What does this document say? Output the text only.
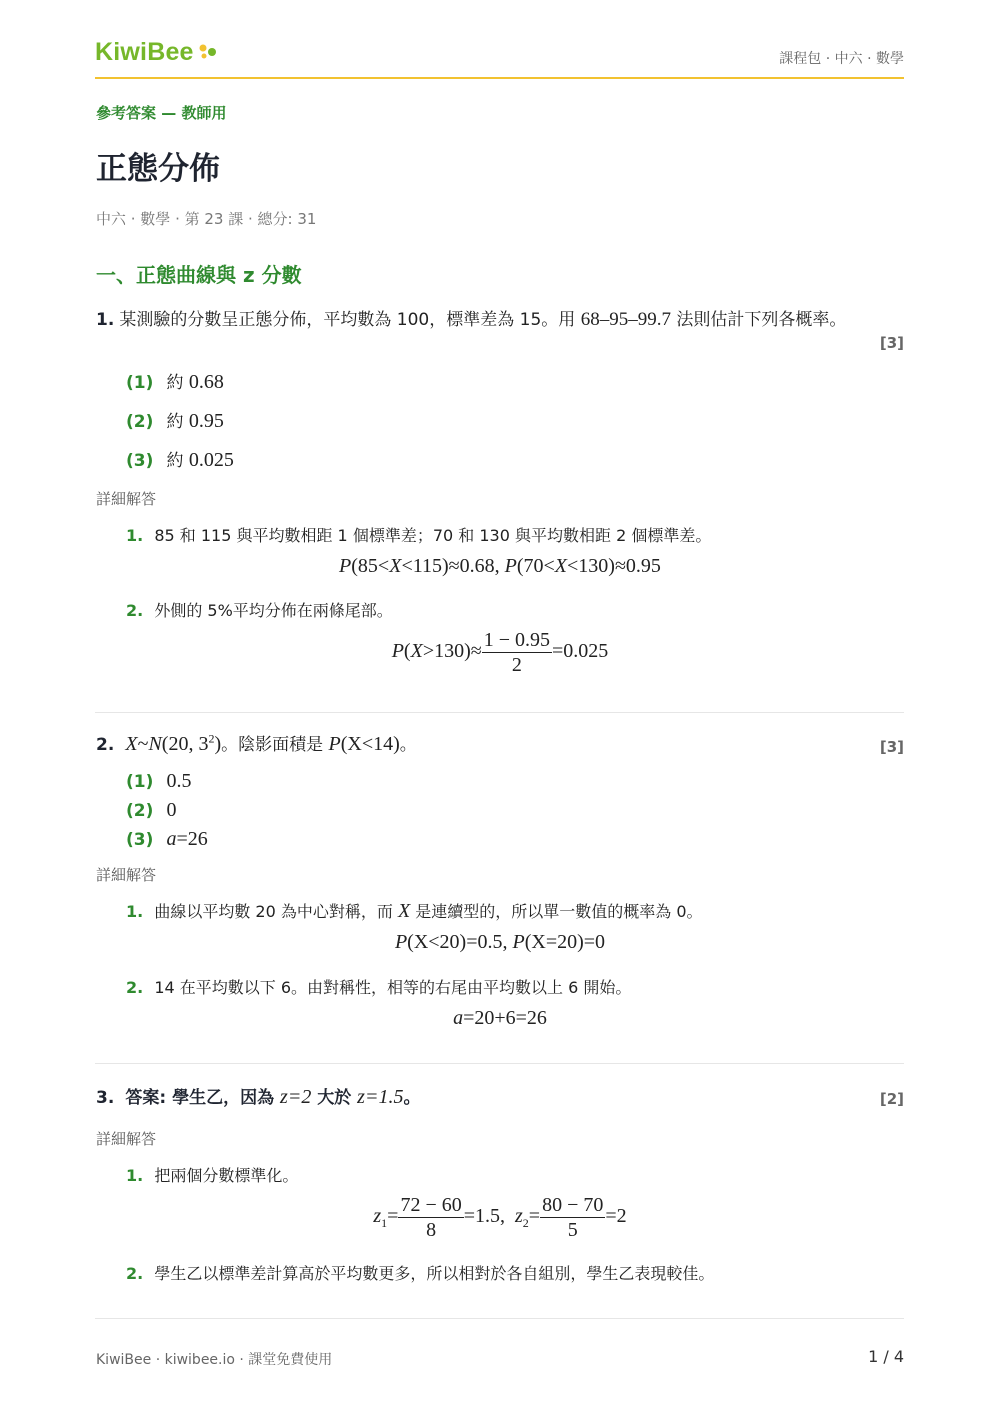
KiwiBee	課程包 · 中六 · 數學
參考答案 — 教師用
正態分佈
中六 · 數學 · 第 23 課 · 總分: 31
一、正態曲線與 z 分數
1. 某測驗的分數呈正態分佈，平均數為 100，標準差為 15。用 68–95–99.7 法則估計下列各概率。
[3]
(1) 約 0.68
(2) 約 0.95
(3) 約 0.025
詳細解答
1. 85 和 115 與平均數相距 1 個標準差；70 和 130 與平均數相距 2 個標準差。
P(85<X<115)≈0.68, P(70<X<130)≈0.95
2. 外側的 5%平均分佈在兩條尾部。
$P(X>130)\approx \frac{1 - 0.95}{2} =0.025$
2. X~N(20, $3^2$)。陰影面積是 P(X<14)。	[3]
(1) 0.5
(2) 0
(3) a=26
詳細解答
1. 曲線以平均數 20 為中心對稱，而 X 是連續型的，所以單一數值的概率為 0。
P(X<20)=0.5, P(X=20)=0
2. 14 在平均數以下 6。由對稱性，相等的右尾由平均數以上 6 開始。
a=20+6=26
3. 答案: 學生乙，因為 z=2 大於 z=1.5。	[2]
詳細解答
1. 把兩個分數標準化。
$z_1= \frac{72 - 60}{8} =1.5$, $z_2= \frac{80 - 70}{5} =2$
2. 學生乙以標準差計算高於平均數更多，所以相對於各自組別，學生乙表現較佳。
KiwiBee · kiwibee.io · 課堂免費使用	1 / 4
